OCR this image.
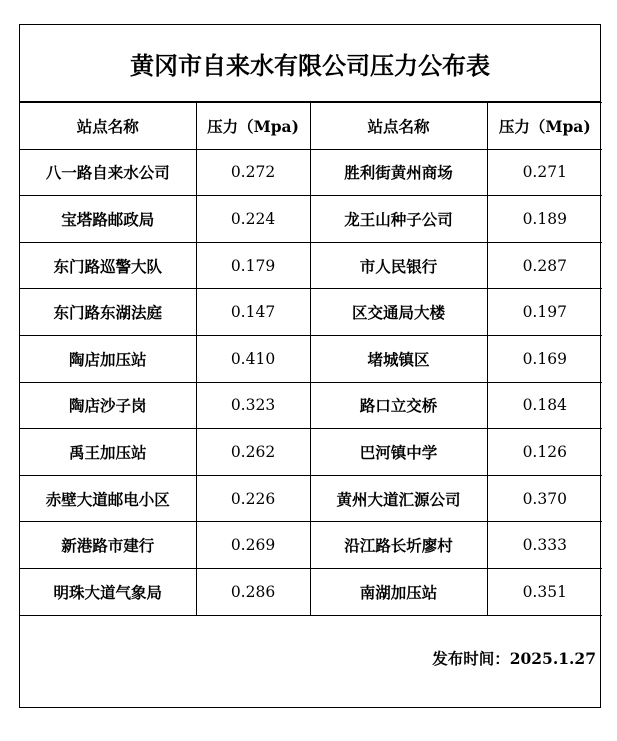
黄冈市自来水有限公司压力公布表
站点名称	压力（Mpa)	站点名称	压力（Mpa)
八一路自来水公司	0.272	胜利街黄州商场	0.271
宝塔路邮政局	0.224	龙王山种子公司	0.189
东门路巡警大队	0.179	市人民银行	0.287
东门路东湖法庭	0.147	区交通局大楼	0.197
陶店加压站	0.410	堵城镇区	0.169
陶店沙子岗	0.323	路口立交桥	0.184
禹王加压站	0.262	巴河镇中学	0.126
赤壁大道邮电小区	0.226	黄州大道汇源公司	0.370
新港路市建行	0.269	沿江路长圻廖村	0.333
明珠大道气象局	0.286	南湖加压站	0.351

发布时间：2025.1.27
